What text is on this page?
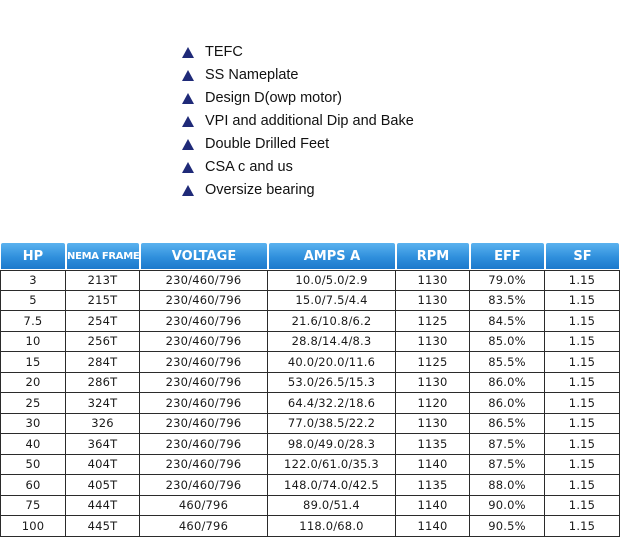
TEFC
SS Nameplate
Design D(owp motor)
VPI and additional Dip and Bake
Double Drilled Feet
CSA c and us
Oversize bearing
HP	NEMA FRAME	VOLTAGE	AMPS A	RPM	EFF	SF
3	213T	230/460/796	10.0/5.0/2.9	1130	79.0%	1.15
5	215T	230/460/796	15.0/7.5/4.4	1130	83.5%	1.15
7.5	254T	230/460/796	21.6/10.8/6.2	1125	84.5%	1.15
10	256T	230/460/796	28.8/14.4/8.3	1130	85.0%	1.15
15	284T	230/460/796	40.0/20.0/11.6	1125	85.5%	1.15
20	286T	230/460/796	53.0/26.5/15.3	1130	86.0%	1.15
25	324T	230/460/796	64.4/32.2/18.6	1120	86.0%	1.15
30	326	230/460/796	77.0/38.5/22.2	1130	86.5%	1.15
40	364T	230/460/796	98.0/49.0/28.3	1135	87.5%	1.15
50	404T	230/460/796	122.0/61.0/35.3	1140	87.5%	1.15
60	405T	230/460/796	148.0/74.0/42.5	1135	88.0%	1.15
75	444T	460/796	89.0/51.4	1140	90.0%	1.15
100	445T	460/796	118.0/68.0	1140	90.5%	1.15
